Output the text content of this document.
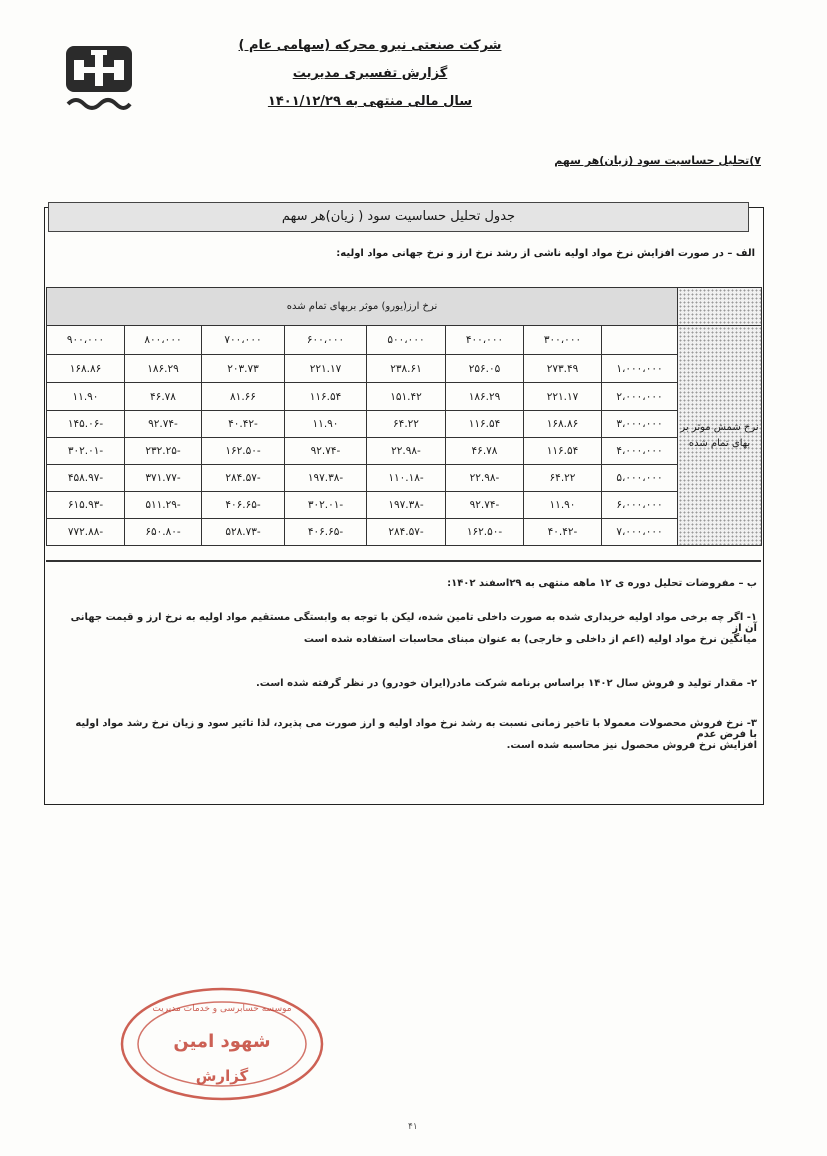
شرکت صنعتی نیرو محرکه (سهامی عام )
گزارش تفسیری مدیریت
سال مالی منتهی به ۱۴۰۱/۱۲/۲۹
۷)تحلیل حساسیت سود (زیان)هر سهم
جدول تحلیل حساسیت سود ( زیان)هر سهم
الف – در صورت افزایش نرخ مواد اولیه ناشی از رشد نرخ ارز و نرخ جهانی مواد اولیه:
	نرخ ارز(یورو) موثر بربهای تمام شده							

نرخ شمش موثر بر بهای تمام شده		۳۰۰،۰۰۰	۴۰۰،۰۰۰	۵۰۰،۰۰۰	۶۰۰،۰۰۰	۷۰۰،۰۰۰	۸۰۰،۰۰۰	۹۰۰،۰۰۰
	۱،۰۰۰،۰۰۰	۲۷۳.۴۹	۲۵۶.۰۵	۲۳۸.۶۱	۲۲۱.۱۷	۲۰۳.۷۳	۱۸۶.۲۹	۱۶۸.۸۶
	۲،۰۰۰،۰۰۰	۲۲۱.۱۷	۱۸۶.۲۹	۱۵۱.۴۲	۱۱۶.۵۴	۸۱.۶۶	۴۶.۷۸	۱۱.۹۰
	۳،۰۰۰،۰۰۰	۱۶۸.۸۶	۱۱۶.۵۴	۶۴.۲۲	۱۱.۹۰	-۴۰.۴۲	-۹۲.۷۴	-۱۴۵.۰۶
	۴،۰۰۰،۰۰۰	۱۱۶.۵۴	۴۶.۷۸	-۲۲.۹۸	-۹۲.۷۴	-۱۶۲.۵۰	-۲۳۲.۲۵	-۳۰۲.۰۱
	۵،۰۰۰،۰۰۰	۶۴.۲۲	-۲۲.۹۸	-۱۱۰.۱۸	-۱۹۷.۳۸	-۲۸۴.۵۷	-۳۷۱.۷۷	-۴۵۸.۹۷
	۶،۰۰۰،۰۰۰	۱۱.۹۰	-۹۲.۷۴	-۱۹۷.۳۸	-۳۰۲.۰۱	-۴۰۶.۶۵	-۵۱۱.۲۹	-۶۱۵.۹۳
	۷،۰۰۰،۰۰۰	-۴۰.۴۲	-۱۶۲.۵۰	-۲۸۴.۵۷	-۴۰۶.۶۵	-۵۲۸.۷۳	-۶۵۰.۸۰	-۷۷۲.۸۸
ب – مفروضات تحلیل دوره ی ۱۲ ماهه منتهی به ۲۹اسفند ۱۴۰۲:
۱- اگر چه برخی مواد اولیه خریداری شده به صورت داخلی تامین شده، لیکن با توجه به وابستگی مستقیم مواد اولیه به نرخ ارز و قیمت جهانی آن از
میانگین نرخ مواد اولیه (اعم از داخلی و خارجی) به عنوان مبنای محاسبات استفاده شده است
۲- مقدار تولید و فروش سال ۱۴۰۲ براساس برنامه شرکت مادر(ایران خودرو) در نظر گرفته شده است.
۳- نرخ فروش محصولات معمولا با تاخیر زمانی نسبت به رشد نرخ مواد اولیه و ارز صورت می پذیرد، لذا تاثیر سود و زیان نرخ رشد مواد اولیه با فرض عدم
افزایش نرخ فروش محصول نیز محاسبه شده است.
موسسه حسابرسی و خدمات مدیریت
شهود امین
گزارش
۴۱
